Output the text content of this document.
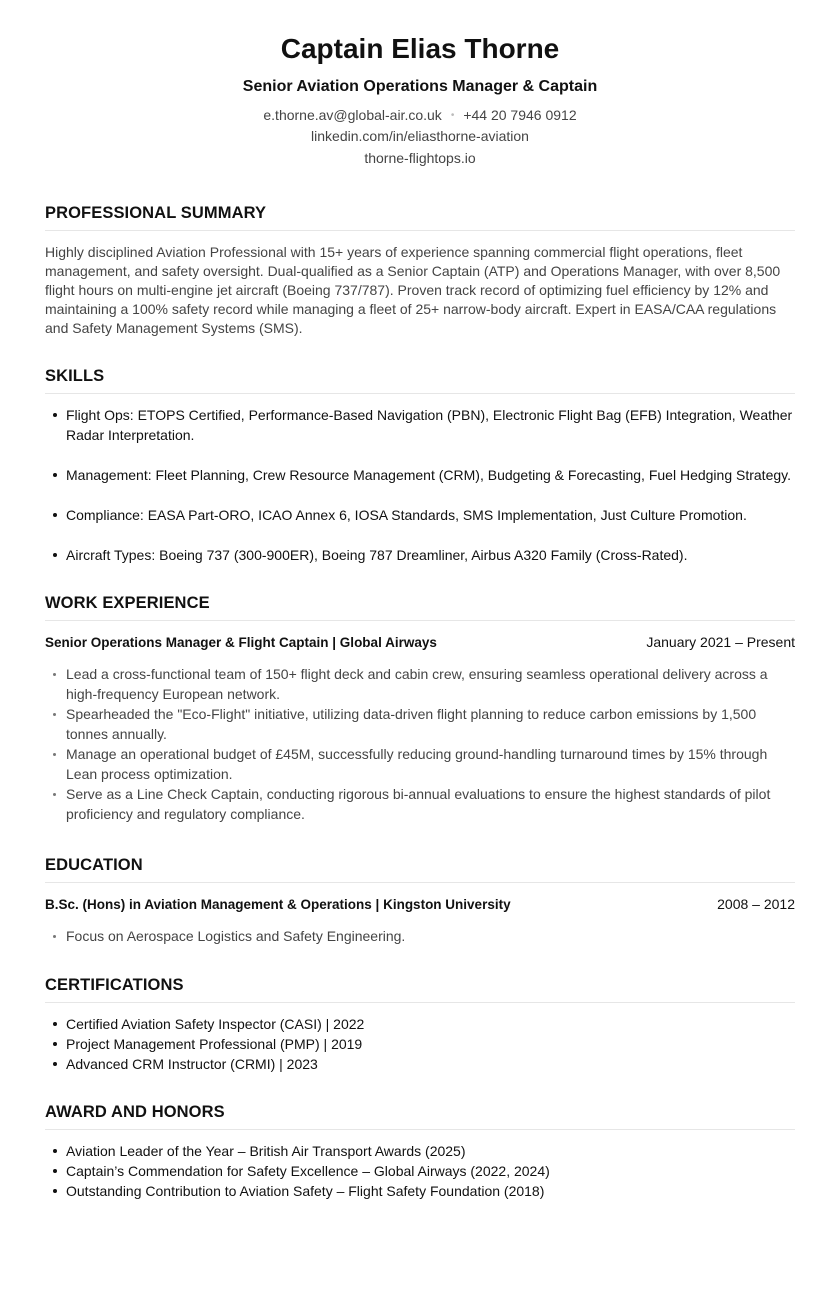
Captain Elias Thorne
Senior Aviation Operations Manager & Captain
e.thorne.av@global-air.co.uk • +44 20 7946 0912
linkedin.com/in/eliasthorne-aviation
thorne-flightops.io
PROFESSIONAL SUMMARY
Highly disciplined Aviation Professional with 15+ years of experience spanning commercial flight operations, fleet management, and safety oversight. Dual-qualified as a Senior Captain (ATP) and Operations Manager, with over 8,500 flight hours on multi-engine jet aircraft (Boeing 737/787). Proven track record of optimizing fuel efficiency by 12% and maintaining a 100% safety record while managing a fleet of 25+ narrow-body aircraft. Expert in EASA/CAA regulations and Safety Management Systems (SMS).
SKILLS
Flight Ops: ETOPS Certified, Performance-Based Navigation (PBN), Electronic Flight Bag (EFB) Integration, Weather Radar Interpretation.
Management: Fleet Planning, Crew Resource Management (CRM), Budgeting & Forecasting, Fuel Hedging Strategy.
Compliance: EASA Part-ORO, ICAO Annex 6, IOSA Standards, SMS Implementation, Just Culture Promotion.
Aircraft Types: Boeing 737 (300-900ER), Boeing 787 Dreamliner, Airbus A320 Family (Cross-Rated).
WORK EXPERIENCE
Senior Operations Manager & Flight Captain | Global Airways	January 2021 – Present
Lead a cross-functional team of 150+ flight deck and cabin crew, ensuring seamless operational delivery across a high-frequency European network.
Spearheaded the "Eco-Flight" initiative, utilizing data-driven flight planning to reduce carbon emissions by 1,500 tonnes annually.
Manage an operational budget of £45M, successfully reducing ground-handling turnaround times by 15% through Lean process optimization.
Serve as a Line Check Captain, conducting rigorous bi-annual evaluations to ensure the highest standards of pilot proficiency and regulatory compliance.
EDUCATION
B.Sc. (Hons) in Aviation Management & Operations | Kingston University	2008 – 2012
Focus on Aerospace Logistics and Safety Engineering.
CERTIFICATIONS
Certified Aviation Safety Inspector (CASI) | 2022
Project Management Professional (PMP) | 2019
Advanced CRM Instructor (CRMI) | 2023
AWARD AND HONORS
Aviation Leader of the Year – British Air Transport Awards (2025)
Captain’s Commendation for Safety Excellence – Global Airways (2022, 2024)
Outstanding Contribution to Aviation Safety – Flight Safety Foundation (2018)
